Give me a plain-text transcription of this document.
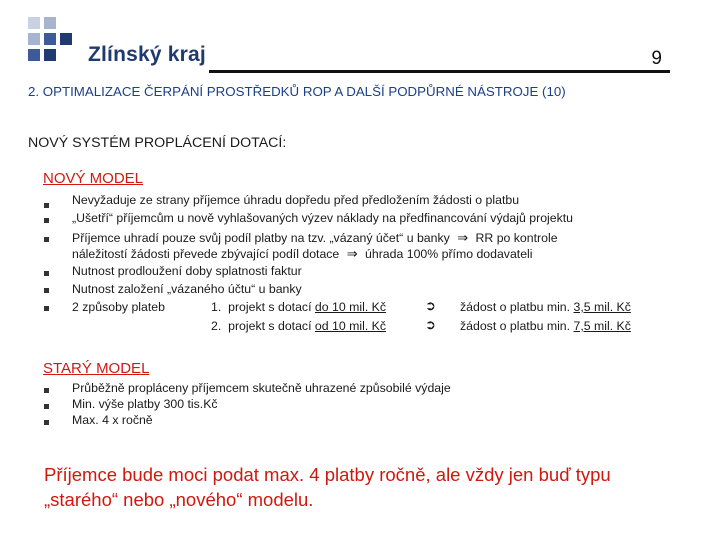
Zlínský kraj	9
2. OPTIMALIZACE ČERPÁNÍ PROSTŘEDKŮ ROP A DALŠÍ PODPŮRNÉ NÁSTROJE (10)
NOVÝ SYSTÉM PROPLÁCENÍ DOTACÍ:
NOVÝ MODEL
Nevyžaduje ze strany příjemce úhradu dopředu před předložením žádosti o platbu
„Ušetří“ příjemcům u nově vyhlašovaných výzev náklady na předfinancování výdajů projektu
Příjemce uhradí pouze svůj podíl platby na tzv. „vázaný účet“ u banky ⇒ RR po kontrole
náležitostí žádosti převede zbývající podíl dotace ⇒ úhrada 100% přímo dodavateli
Nutnost prodloužení doby splatnosti faktur
Nutnost založení „vázaného účtu“ u banky
2 způsoby plateb	1. projekt s dotací do 10 mil. Kč	➲ žádost o platbu min. 3,5 mil. Kč
2. projekt s dotací od 10 mil. Kč	➲ žádost o platbu min. 7,5 mil. Kč
STARÝ MODEL
Průběžně propláceny příjemcem skutečně uhrazené způsobilé výdaje
Min. výše platby 300 tis.Kč
Max. 4 x ročně
Příjemce bude moci podat max. 4 platby ročně, ale vždy jen buď typu „starého“ nebo „nového“ modelu.
